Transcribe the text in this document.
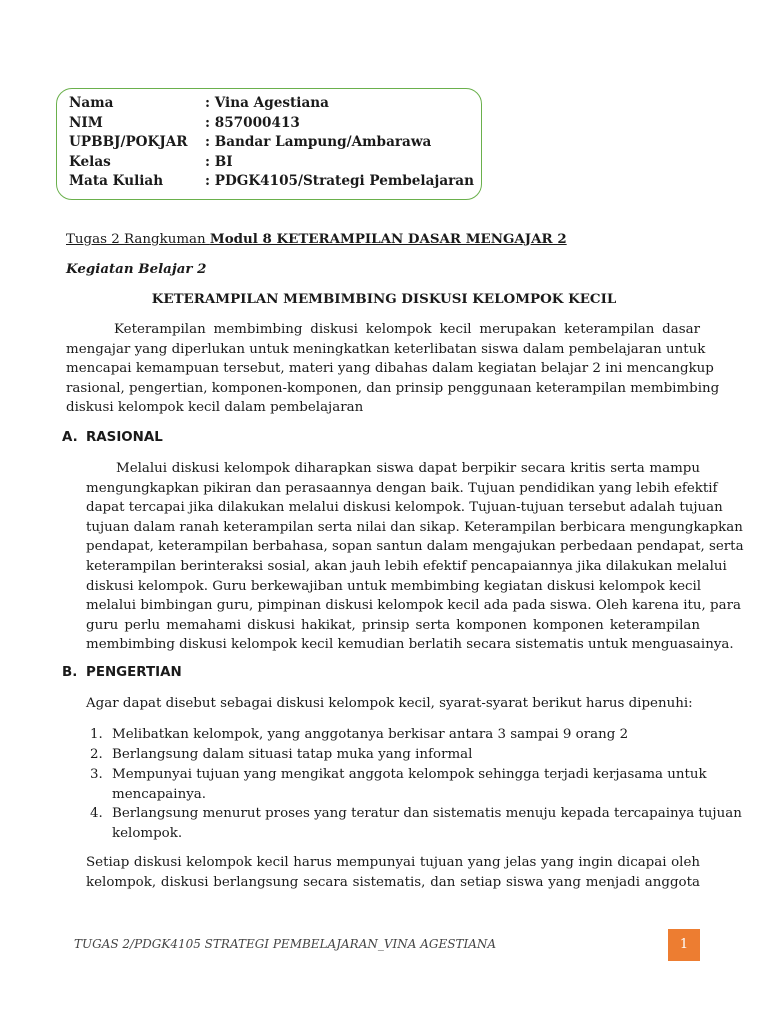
Nama	: Vina Agestiana
NIM	: 857000413
UPBBJ/POKJAR : Bandar Lampung/Ambarawa
Kelas	: BI
Mata Kuliah	: PDGK4105/Strategi Pembelajaran
Tugas 2 Rangkuman Modul 8 KETERAMPILAN DASAR MENGAJAR 2
Kegiatan Belajar 2
KETERAMPILAN MEMBIMBING DISKUSI KELOMPOK KECIL
Keterampilan membimbing diskusi kelompok kecil merupakan keterampilan dasar
mengajar yang diperlukan untuk meningkatkan keterlibatan siswa dalam pembelajaran untuk
mencapai kemampuan tersebut, materi yang dibahas dalam kegiatan belajar 2 ini mencangkup
rasional, pengertian, komponen-komponen, dan prinsip penggunaan keterampilan membimbing
diskusi kelompok kecil dalam pembelajaran
A. RASIONAL
Melalui diskusi kelompok diharapkan siswa dapat berpikir secara kritis serta mampu
mengungkapkan pikiran dan perasaannya dengan baik. Tujuan pendidikan yang lebih efektif
dapat tercapai jika dilakukan melalui diskusi kelompok. Tujuan-tujuan tersebut adalah tujuan
tujuan dalam ranah keterampilan serta nilai dan sikap. Keterampilan berbicara mengungkapkan
pendapat, keterampilan berbahasa, sopan santun dalam mengajukan perbedaan pendapat, serta
keterampilan berinteraksi sosial, akan jauh lebih efektif pencapaiannya jika dilakukan melalui
diskusi kelompok. Guru berkewajiban untuk membimbing kegiatan diskusi kelompok kecil
melalui bimbingan guru, pimpinan diskusi kelompok kecil ada pada siswa. Oleh karena itu, para
guru perlu memahami diskusi hakikat, prinsip serta komponen komponen keterampilan
membimbing diskusi kelompok kecil kemudian berlatih secara sistematis untuk menguasainya.
B. PENGERTIAN
Agar dapat disebut sebagai diskusi kelompok kecil, syarat-syarat berikut harus dipenuhi:
1. Melibatkan kelompok, yang anggotanya berkisar antara 3 sampai 9 orang 2
2. Berlangsung dalam situasi tatap muka yang informal
3. Mempunyai tujuan yang mengikat anggota kelompok sehingga terjadi kerjasama untuk
mencapainya.
4. Berlangsung menurut proses yang teratur dan sistematis menuju kepada tercapainya tujuan
kelompok.
Setiap diskusi kelompok kecil harus mempunyai tujuan yang jelas yang ingin dicapai oleh
kelompok, diskusi berlangsung secara sistematis, dan setiap siswa yang menjadi anggota
TUGAS 2/PDGK4105 STRATEGI PEMBELAJARAN_VINA AGESTIANA	1
